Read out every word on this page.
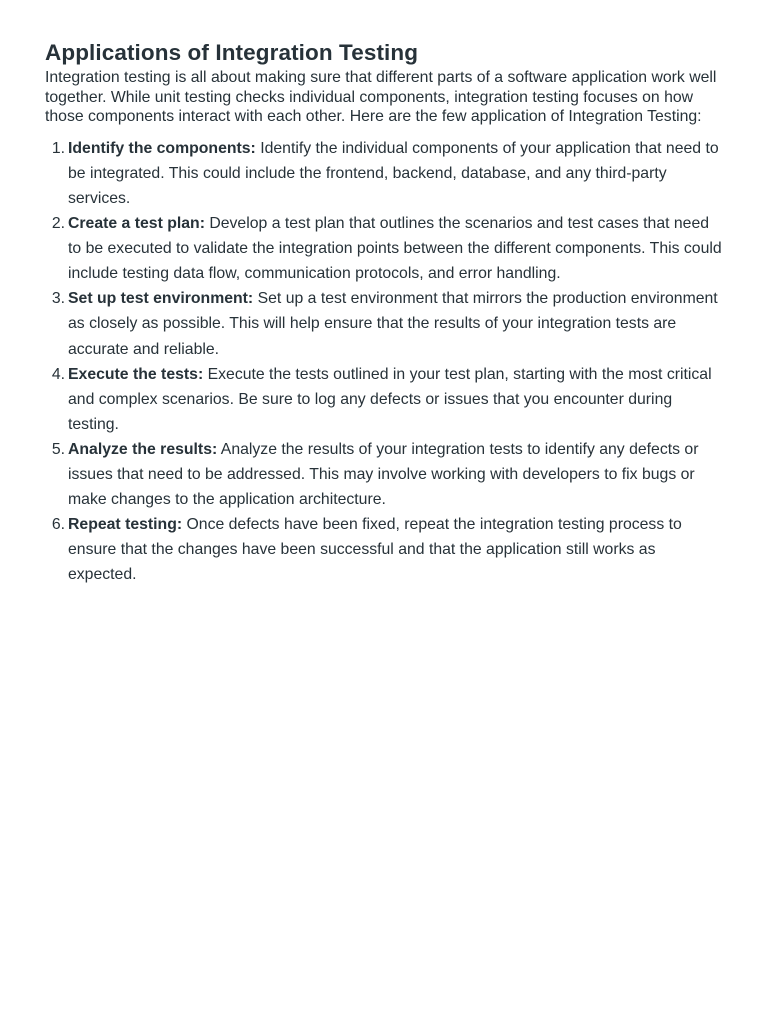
Applications of Integration Testing

Integration testing is all about making sure that different parts of a software application work well together. While unit testing checks individual components, integration testing focuses on how those components interact with each other. Here are the few application of Integration Testing:

1. Identify the components: Identify the individual components of your application that need to be integrated. This could include the frontend, backend, database, and any third-party services.
2. Create a test plan: Develop a test plan that outlines the scenarios and test cases that need to be executed to validate the integration points between the different components. This could include testing data flow, communication protocols, and error handling.
3. Set up test environment: Set up a test environment that mirrors the production environment as closely as possible. This will help ensure that the results of your integration tests are accurate and reliable.
4. Execute the tests: Execute the tests outlined in your test plan, starting with the most critical and complex scenarios. Be sure to log any defects or issues that you encounter during testing.
5. Analyze the results: Analyze the results of your integration tests to identify any defects or issues that need to be addressed. This may involve working with developers to fix bugs or make changes to the application architecture.
6. Repeat testing: Once defects have been fixed, repeat the integration testing process to ensure that the changes have been successful and that the application still works as expected.
